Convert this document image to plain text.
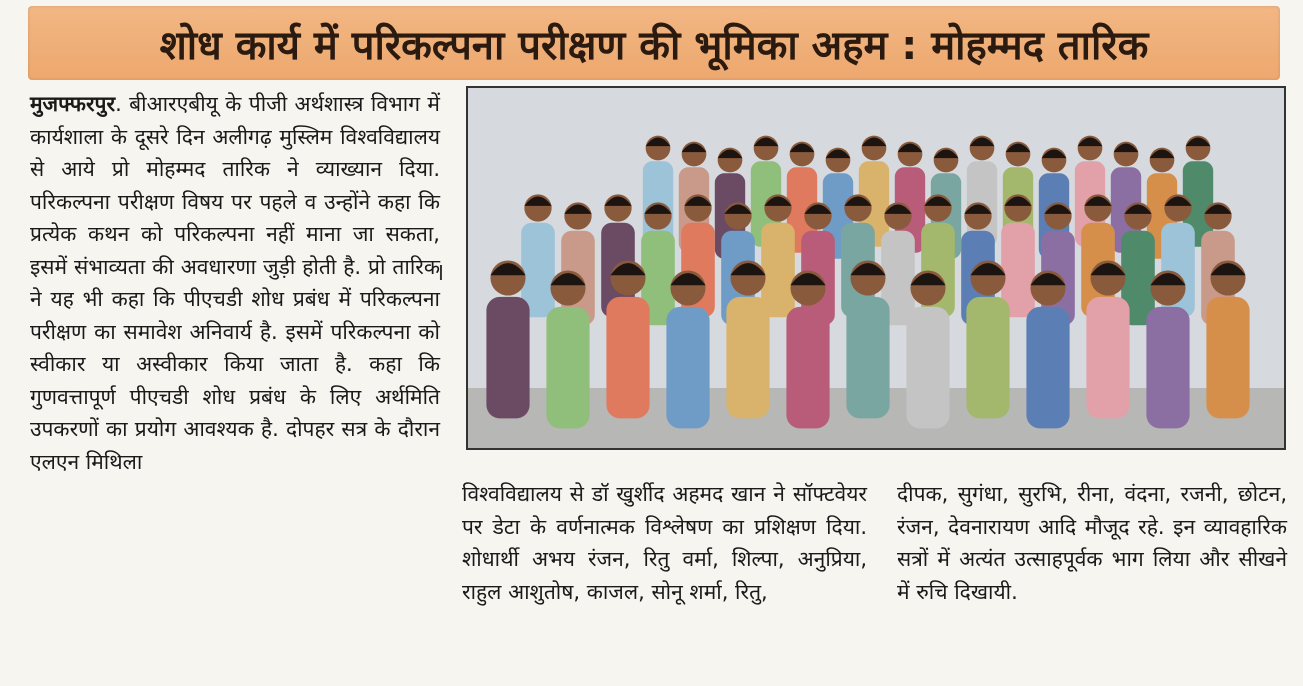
शोध कार्य में परिकल्पना परीक्षण की भूमिका अहम : मोहम्मद तारिक
मुजफ्फरपुर. बीआरएबीयू के पीजी अर्थशास्त्र विभाग में कार्यशाला के दूसरे दिन अलीगढ़ मुस्लिम विश्वविद्यालय से आये प्रो मोहम्मद तारिक ने व्याख्यान दिया. परिकल्पना परीक्षण विषय पर पहले व उन्होंने कहा कि प्रत्येक कथन को परिकल्पना नहीं माना जा सकता, इसमें संभाव्यता की अवधारणा जुड़ी होती है. प्रो तारिक ने यह भी कहा कि पीएचडी शोध प्रबंध में परिकल्पना परीक्षण का समावेश अनिवार्य है. इसमें परिकल्पना को स्वीकार या अस्वीकार किया जाता है. कहा कि गुणवत्तापूर्ण पीएचडी शोध प्रबंध के लिए अर्थमिति उपकरणों का प्रयोग आवश्यक है. दोपहर सत्र के दौरान एलएन मिथिला
I
विश्वविद्यालय से डॉ खुर्शीद अहमद खान ने सॉफ्टवेयर पर डेटा के वर्णनात्मक विश्लेषण का प्रशिक्षण दिया. शोधार्थी अभय रंजन, रितु वर्मा, शिल्पा, अनुप्रिया, राहुल आशुतोष, काजल, सोनू शर्मा, रितु,
दीपक, सुगंधा, सुरभि, रीना, वंदना, रजनी, छोटन, रंजन, देवनारायण आदि मौजूद रहे. इन व्यावहारिक सत्रों में अत्यंत उत्साहपूर्वक भाग लिया और सीखने में रुचि दिखायी.
